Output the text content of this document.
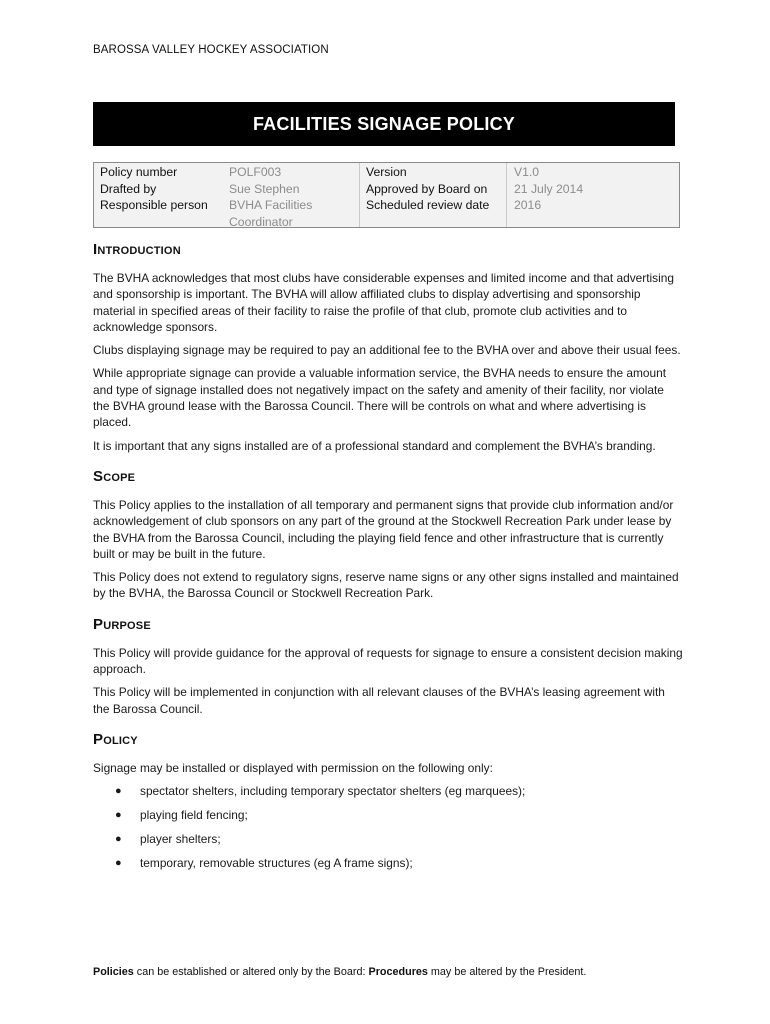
BAROSSA VALLEY HOCKEY ASSOCIATION
FACILITIES SIGNAGE POLICY
Policy number
Drafted by
Responsible person
POLF003
Sue Stephen
BVHA Facilities
Coordinator
Version
Approved by Board on
Scheduled review date
V1.0
21 July 2014
2016
Introduction

The BVHA acknowledges that most clubs have considerable expenses and limited income and that advertising and sponsorship is important. The BVHA will allow affiliated clubs to display advertising and sponsorship material in specified areas of their facility to raise the profile of that club, promote club activities and to acknowledge sponsors.

Clubs displaying signage may be required to pay an additional fee to the BVHA over and above their usual fees.

While appropriate signage can provide a valuable information service, the BVHA needs to ensure the amount and type of signage installed does not negatively impact on the safety and amenity of their facility, nor violate the BVHA ground lease with the Barossa Council. There will be controls on what and where advertising is placed.

It is important that any signs installed are of a professional standard and complement the BVHA’s branding.

Scope

This Policy applies to the installation of all temporary and permanent signs that provide club information and/or acknowledgement of club sponsors on any part of the ground at the Stockwell Recreation Park under lease by the BVHA from the Barossa Council, including the playing field fence and other infrastructure that is currently built or may be built in the future.

This Policy does not extend to regulatory signs, reserve name signs or any other signs installed and maintained by the BVHA, the Barossa Council or Stockwell Recreation Park.

Purpose

This Policy will provide guidance for the approval of requests for signage to ensure a consistent decision making approach.

This Policy will be implemented in conjunction with all relevant clauses of the BVHA’s leasing agreement with the Barossa Council.

Policy

Signage may be installed or displayed with permission on the following only:

● spectator shelters, including temporary spectator shelters (eg marquees);
● playing field fencing;
● player shelters;
● temporary, removable structures (eg A frame signs);
Policies can be established or altered only by the Board: Procedures may be altered by the President.
